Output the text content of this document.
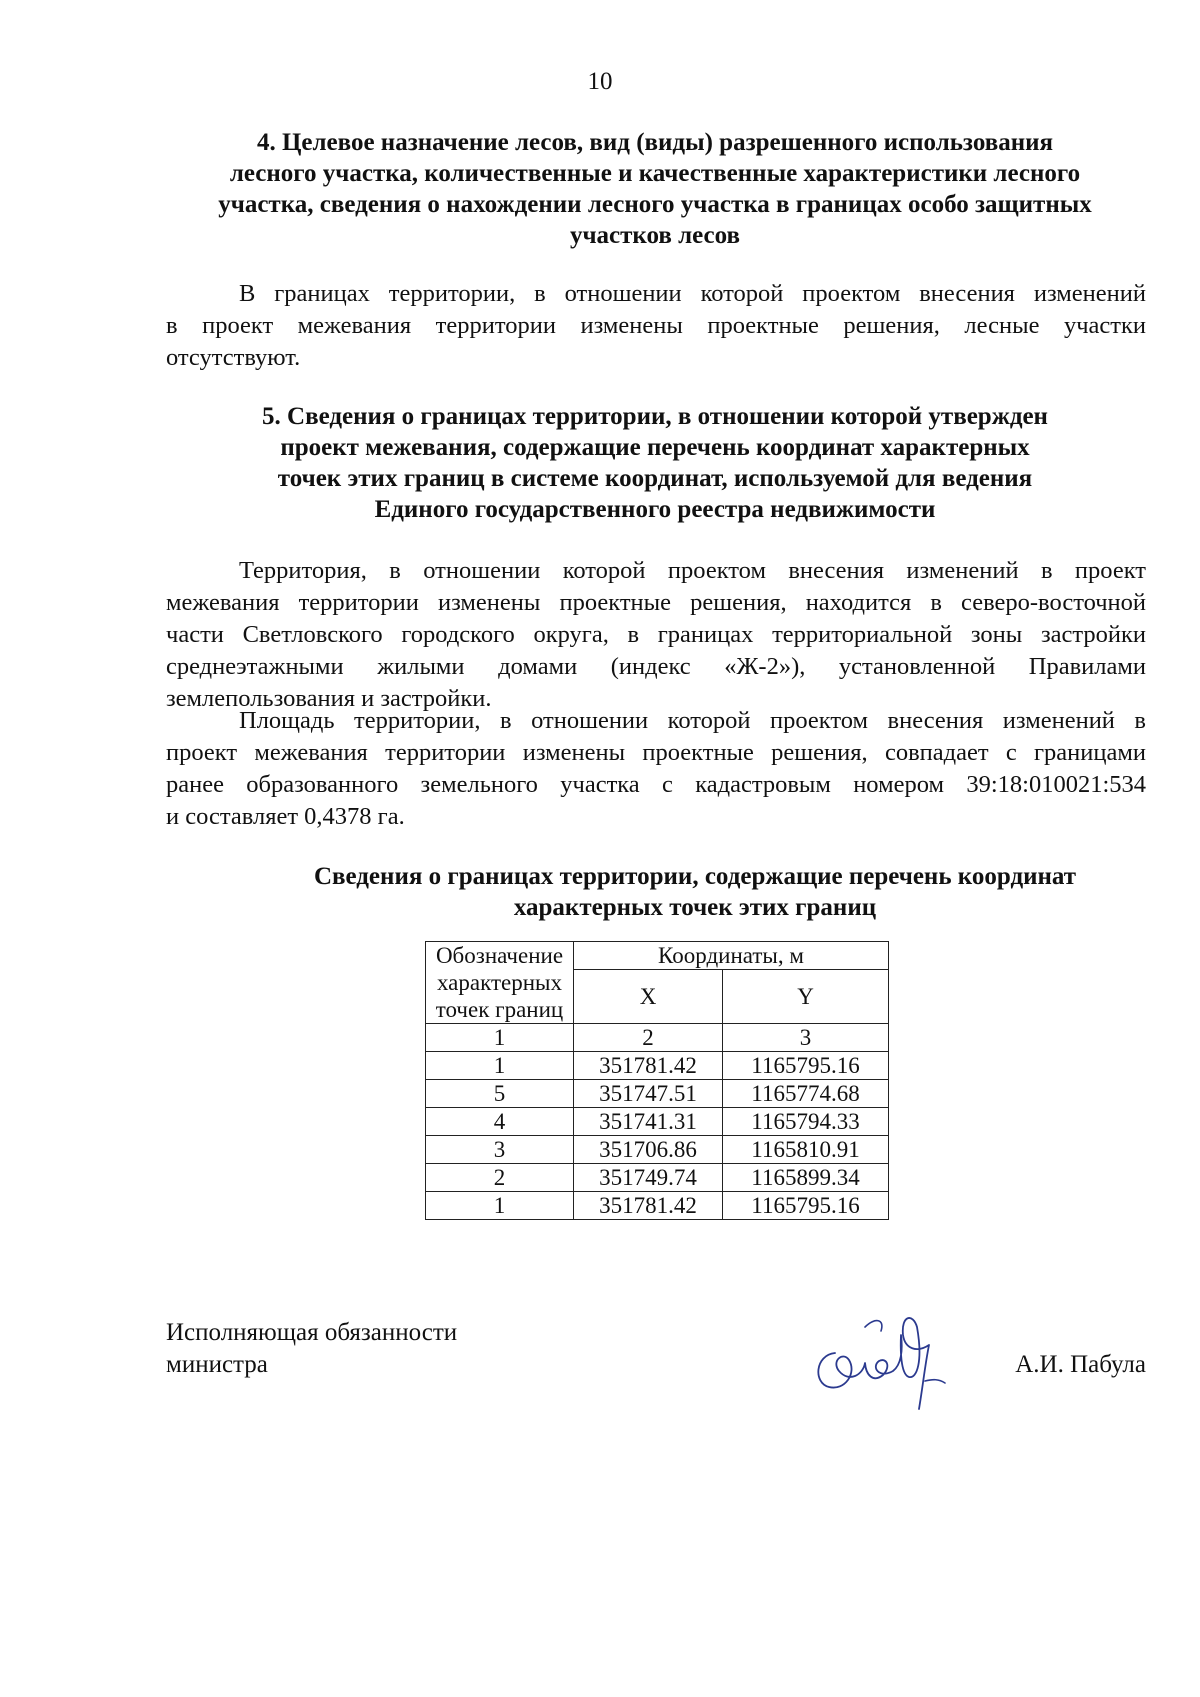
10
4. Целевое назначение лесов, вид (виды) разрешенного использования
лесного участка, количественные и качественные характеристики лесного
участка, сведения о нахождении лесного участка в границах особо защитных
участков лесов
В границах территории, в отношении которой проектом внесения изменений
в проект межевания территории изменены проектные решения, лесные участки
отсутствуют.
5. Сведения о границах территории, в отношении которой утвержден
проект межевания, содержащие перечень координат характерных
точек этих границ в системе координат, используемой для ведения
Единого государственного реестра недвижимости
Территория, в отношении которой проектом внесения изменений в проект
межевания территории изменены проектные решения, находится в северо-восточной
части Светловского городского округа, в границах территориальной зоны застройки
среднеэтажными жилыми домами (индекс «Ж-2»), установленной Правилами
землепользования и застройки.
Площадь территории, в отношении которой проектом внесения изменений в
проект межевания территории изменены проектные решения, совпадает с границами
ранее образованного земельного участка с кадастровым номером 39:18:010021:534
и составляет 0,4378 га.
Сведения о границах территории, содержащие перечень координат
характерных точек этих границ
Обозначение
характерных
точек границ	Координаты, м	
	X	Y

1	2	3
1	351781.42	1165795.16
5	351747.51	1165774.68
4	351741.31	1165794.33
3	351706.86	1165810.91
2	351749.74	1165899.34
1	351781.42	1165795.16
Исполняющая обязанности
министра	А.И. Пабула
